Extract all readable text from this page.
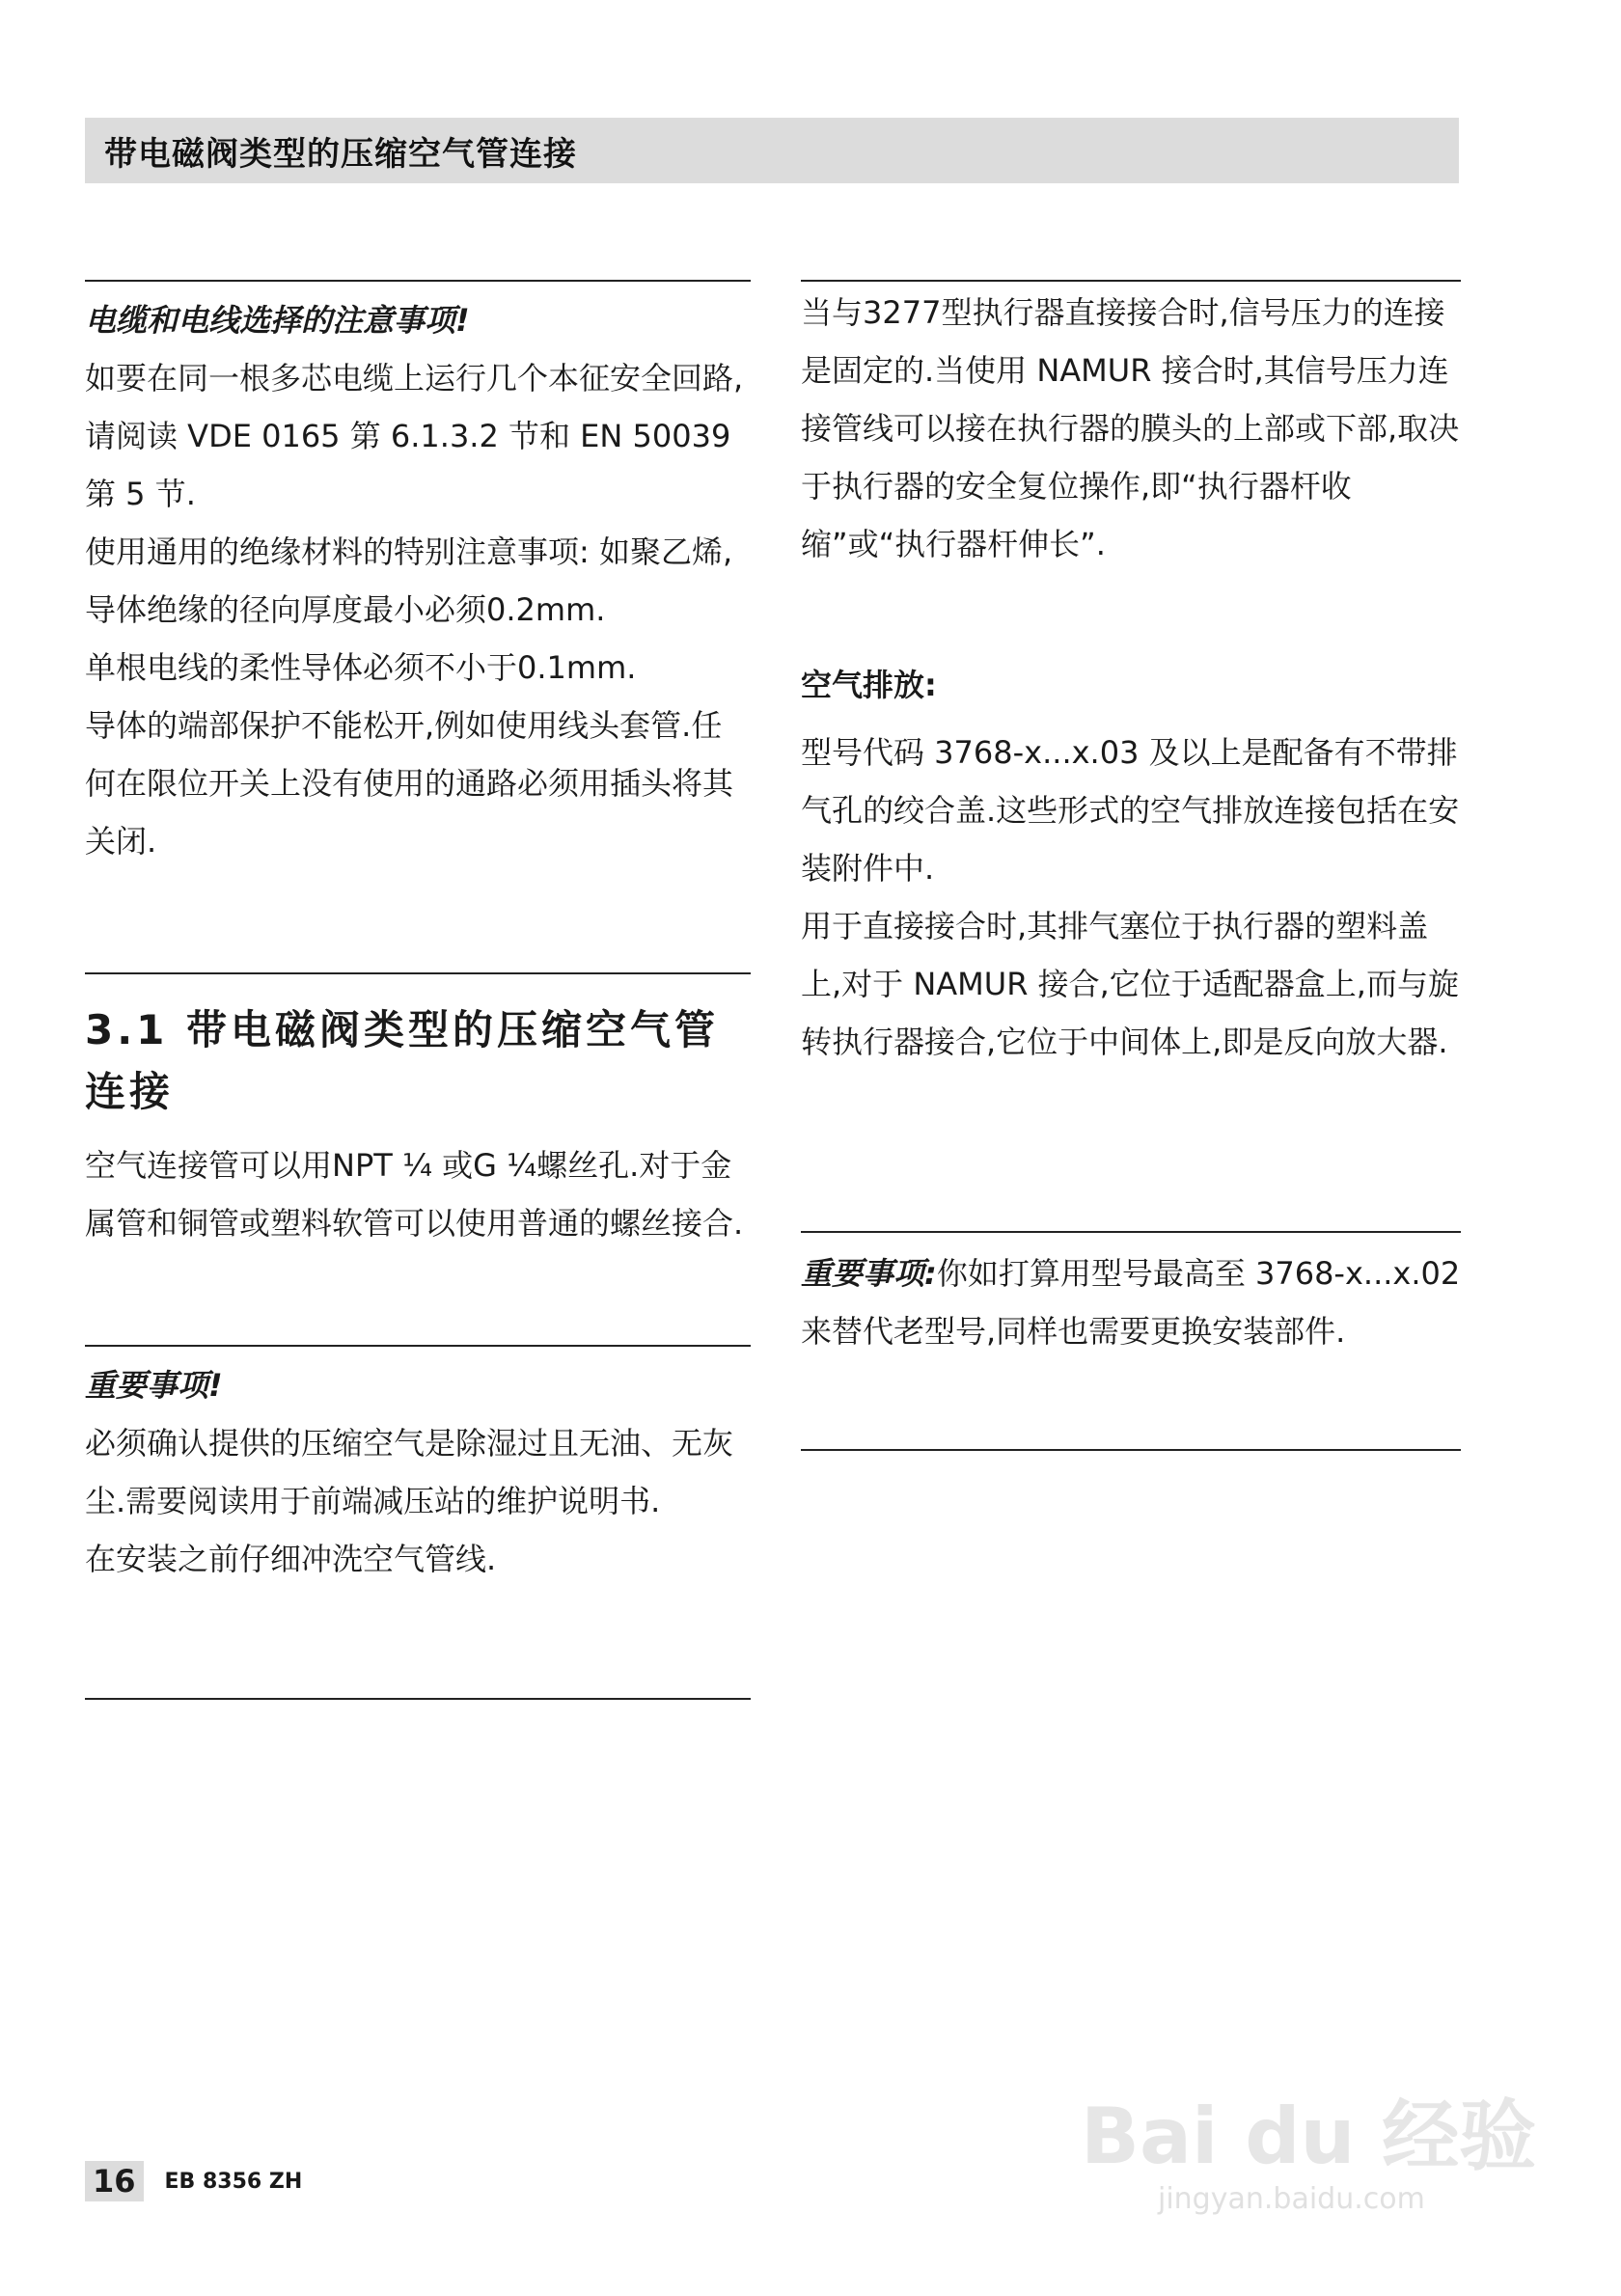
带电磁阀类型的压缩空气管连接
电缆和电线选择的注意事项!

如要在同一根多芯电缆上运行几个本征安全回路,请阅读 VDE 0165 第 6.1.3.2 节和 EN 50039 第 5 节.

使用通用的绝缘材料的特别注意事项: 如聚乙烯,导体绝缘的径向厚度最小必须0.2mm.

单根电线的柔性导体必须不小于0.1mm.

导体的端部保护不能松开,例如使用线头套管.任何在限位开关上没有使用的通路必须用插头将其关闭.

3.1 带电磁阀类型的压缩空气管连接

空气连接管可以用NPT ¼ 或G ¼螺丝孔.对于金属管和铜管或塑料软管可以使用普通的螺丝接合.

重要事项!

必须确认提供的压缩空气是除湿过且无油、无灰尘.需要阅读用于前端减压站的维护说明书.

在安装之前仔细冲洗空气管线.

当与3277型执行器直接接合时,信号压力的连接是固定的.当使用 NAMUR 接合时,其信号压力连接管线可以接在执行器的膜头的上部或下部,取决于执行器的安全复位操作,即“执行器杆收缩”或“执行器杆伸长”.

空气排放:

型号代码 3768-x...x.03 及以上是配备有不带排气孔的绞合盖.这些形式的空气排放连接包括在安装附件中.

用于直接接合时,其排气塞位于执行器的塑料盖上,对于 NAMUR 接合,它位于适配器盒上,而与旋转执行器接合,它位于中间体上,即是反向放大器.

重要事项:你如打算用型号最高至 3768-x...x.02 来替代老型号,同样也需要更换安装部件.

16	EB 8356 ZH	Bai du 经验
jingyan.baidu.com
